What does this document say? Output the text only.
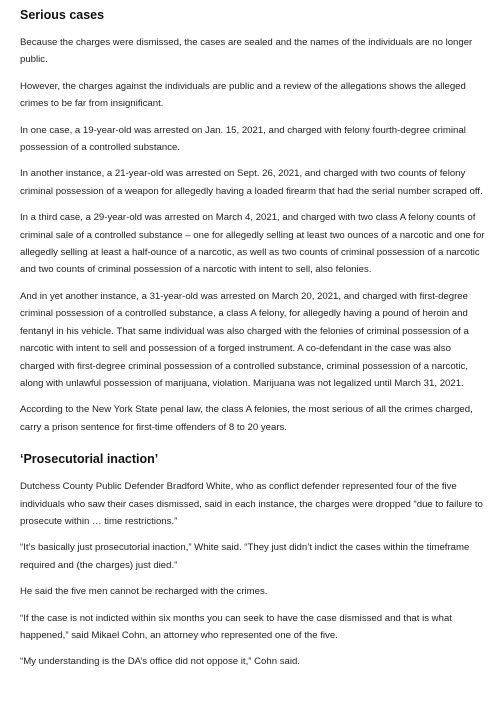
Serious cases

Because the charges were dismissed, the cases are sealed and the names of the individuals are no longer public.

However, the charges against the individuals are public and a review of the allegations shows the alleged crimes to be far from insignificant.

In one case, a 19-year-old was arrested on Jan. 15, 2021, and charged with felony fourth-degree criminal possession of a controlled substance.

In another instance, a 21-year-old was arrested on Sept. 26, 2021, and charged with two counts of felony criminal possession of a weapon for allegedly having a loaded firearm that had the serial number scraped off.

In a third case, a 29-year-old was arrested on March 4, 2021, and charged with two class A felony counts of criminal sale of a controlled substance – one for allegedly selling at least two ounces of a narcotic and one for allegedly selling at least a half-ounce of a narcotic, as well as two counts of criminal possession of a narcotic and two counts of criminal possession of a narcotic with intent to sell, also felonies.

And in yet another instance, a 31-year-old was arrested on March 20, 2021, and charged with first-degree criminal possession of a controlled substance, a class A felony, for allegedly having a pound of heroin and fentanyl in his vehicle. That same individual was also charged with the felonies of criminal possession of a narcotic with intent to sell and possession of a forged instrument. A co-defendant in the case was also charged with first-degree criminal possession of a controlled substance, criminal possession of a narcotic, along with unlawful possession of marijuana, violation. Marijuana was not legalized until March 31, 2021.

According to the New York State penal law, the class A felonies, the most serious of all the crimes charged, carry a prison sentence for first-time offenders of 8 to 20 years.

‘Prosecutorial inaction’

Dutchess County Public Defender Bradford White, who as conflict defender represented four of the five individuals who saw their cases dismissed, said in each instance, the charges were dropped “due to failure to prosecute within … time restrictions.”

“It’s basically just prosecutorial inaction,” White said. “They just didn’t indict the cases within the timeframe required and (the charges) just died.”

He said the five men cannot be recharged with the crimes.

“If the case is not indicted within six months you can seek to have the case dismissed and that is what happened,” said Mikael Cohn, an attorney who represented one of the five.

“My understanding is the DA’s office did not oppose it,” Cohn said.
